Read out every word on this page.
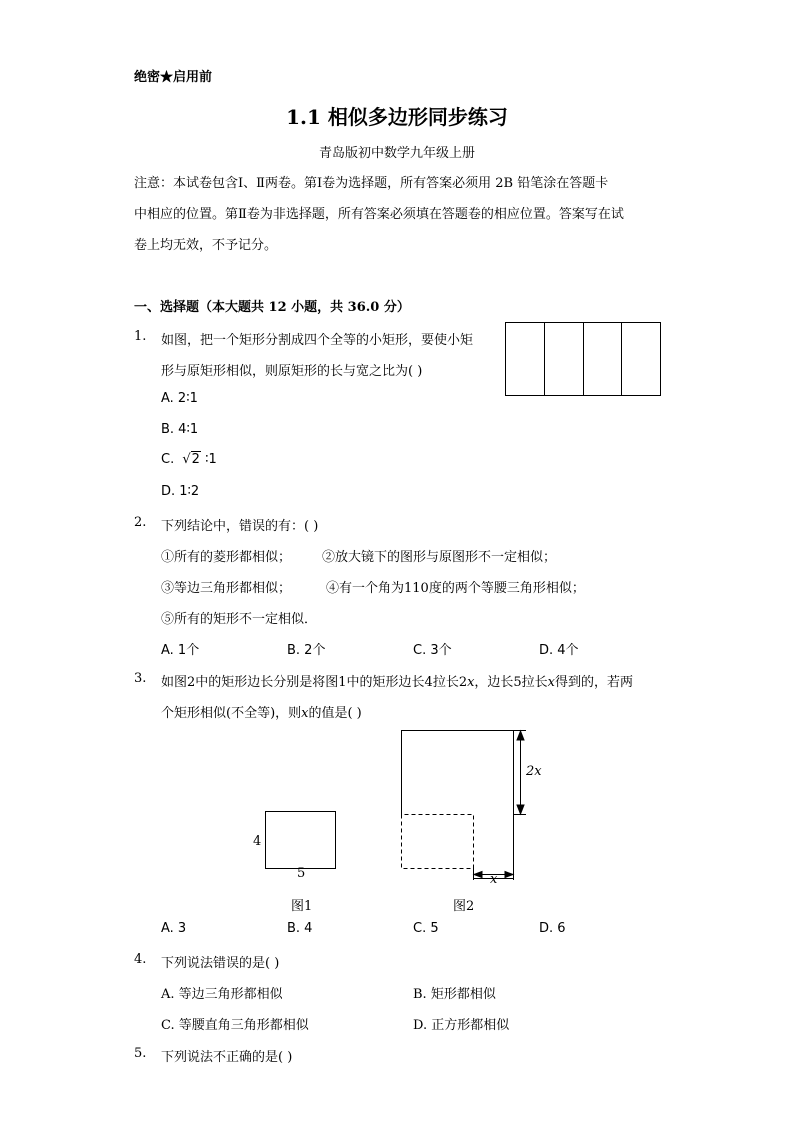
绝密★启用前
1.1 相似多边形同步练习
青岛版初中数学九年级上册
注意：本试卷包含Ⅰ、Ⅱ两卷。第Ⅰ卷为选择题，所有答案必须用 2B 铅笔涂在答题卡
中相应的位置。第Ⅱ卷为非选择题，所有答案必须填在答题卷的相应位置。答案写在试
卷上均无效，不予记分。
一、选择题（本大题共 12 小题，共 36.0 分）
1. 如图，把一个矩形分割成四个全等的小矩形，要使小矩
形与原矩形相似，则原矩形的长与宽之比为( )
A. 2∶1
B. 4∶1
C. √2 ∶1
D. 1∶2
2. 下列结论中，错误的有：( )
①所有的菱形都相似； ②放大镜下的图形与原图形不一定相似；
③等边三角形都相似；	④有一个角为110度的两个等腰三角形相似；
⑤所有的矩形不一定相似．
A. 1个	B. 2个	C. 3个	D. 4个
3. 如图2中的矩形边长分别是将图1中的矩形边长4拉长2𝑥，边长5拉长𝑥得到的，若两
个矩形相似(不全等)，则𝑥的值是( )
4
5
2𝑥
𝑥
图1	图2
A. 3	B. 4	C. 5	D. 6
4. 下列说法错误的是( )
A. 等边三角形都相似	B. 矩形都相似
C. 等腰直角三角形都相似	D. 正方形都相似
5. 下列说法不正确的是( )
